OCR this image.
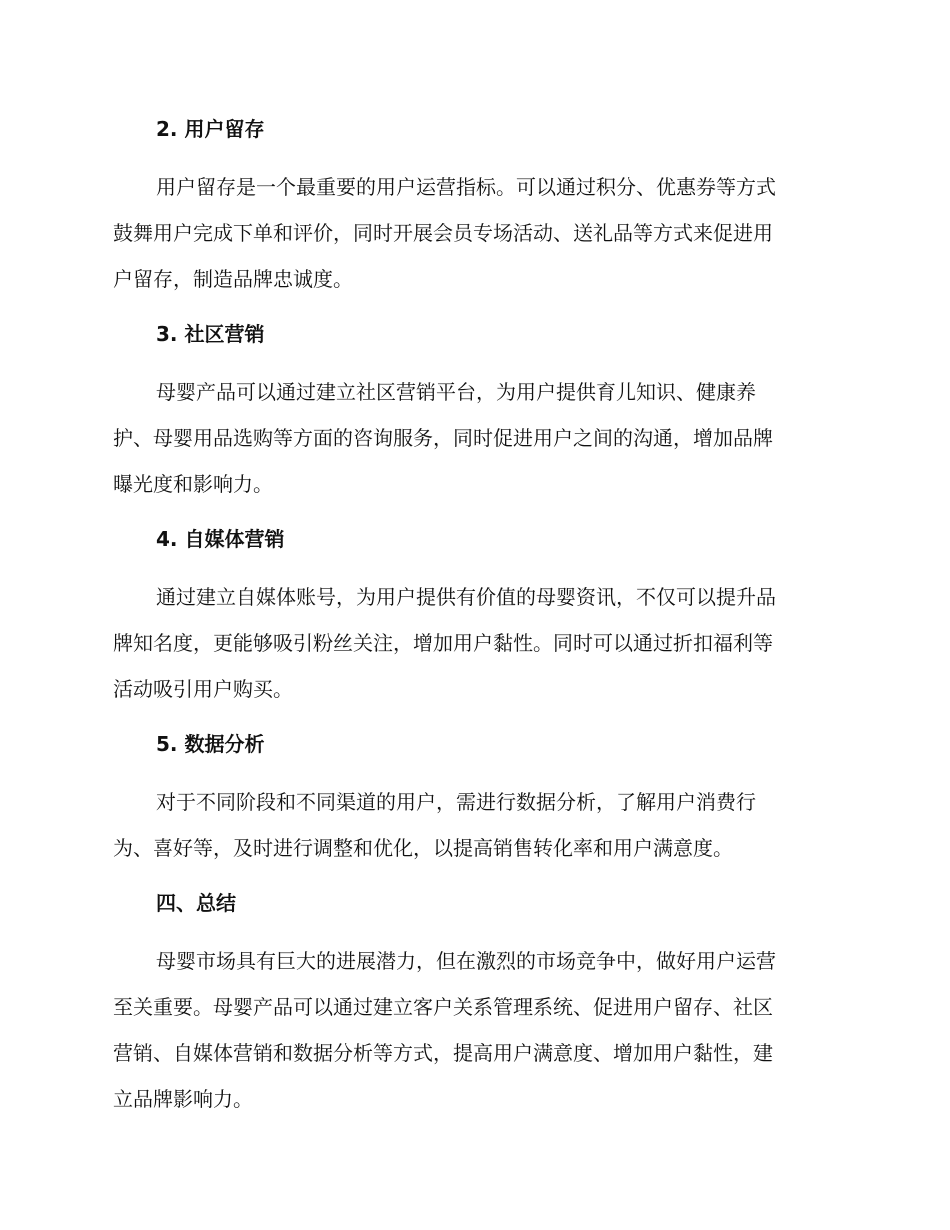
2. 用户留存
用户留存是一个最重要的用户运营指标。可以通过积分、优惠券等方式
鼓舞用户完成下单和评价，同时开展会员专场活动、送礼品等方式来促进用
户留存，制造品牌忠诚度。
3. 社区营销
母婴产品可以通过建立社区营销平台，为用户提供育儿知识、健康养
护、母婴用品选购等方面的咨询服务，同时促进用户之间的沟通，增加品牌
曝光度和影响力。
4. 自媒体营销
通过建立自媒体账号，为用户提供有价值的母婴资讯，不仅可以提升品
牌知名度，更能够吸引粉丝关注，增加用户黏性。同时可以通过折扣福利等
活动吸引用户购买。
5. 数据分析
对于不同阶段和不同渠道的用户，需进行数据分析，了解用户消费行
为、喜好等，及时进行调整和优化，以提高销售转化率和用户满意度。
四、总结
母婴市场具有巨大的进展潜力，但在激烈的市场竞争中，做好用户运营
至关重要。母婴产品可以通过建立客户关系管理系统、促进用户留存、社区
营销、自媒体营销和数据分析等方式，提高用户满意度、增加用户黏性，建
立品牌影响力。
